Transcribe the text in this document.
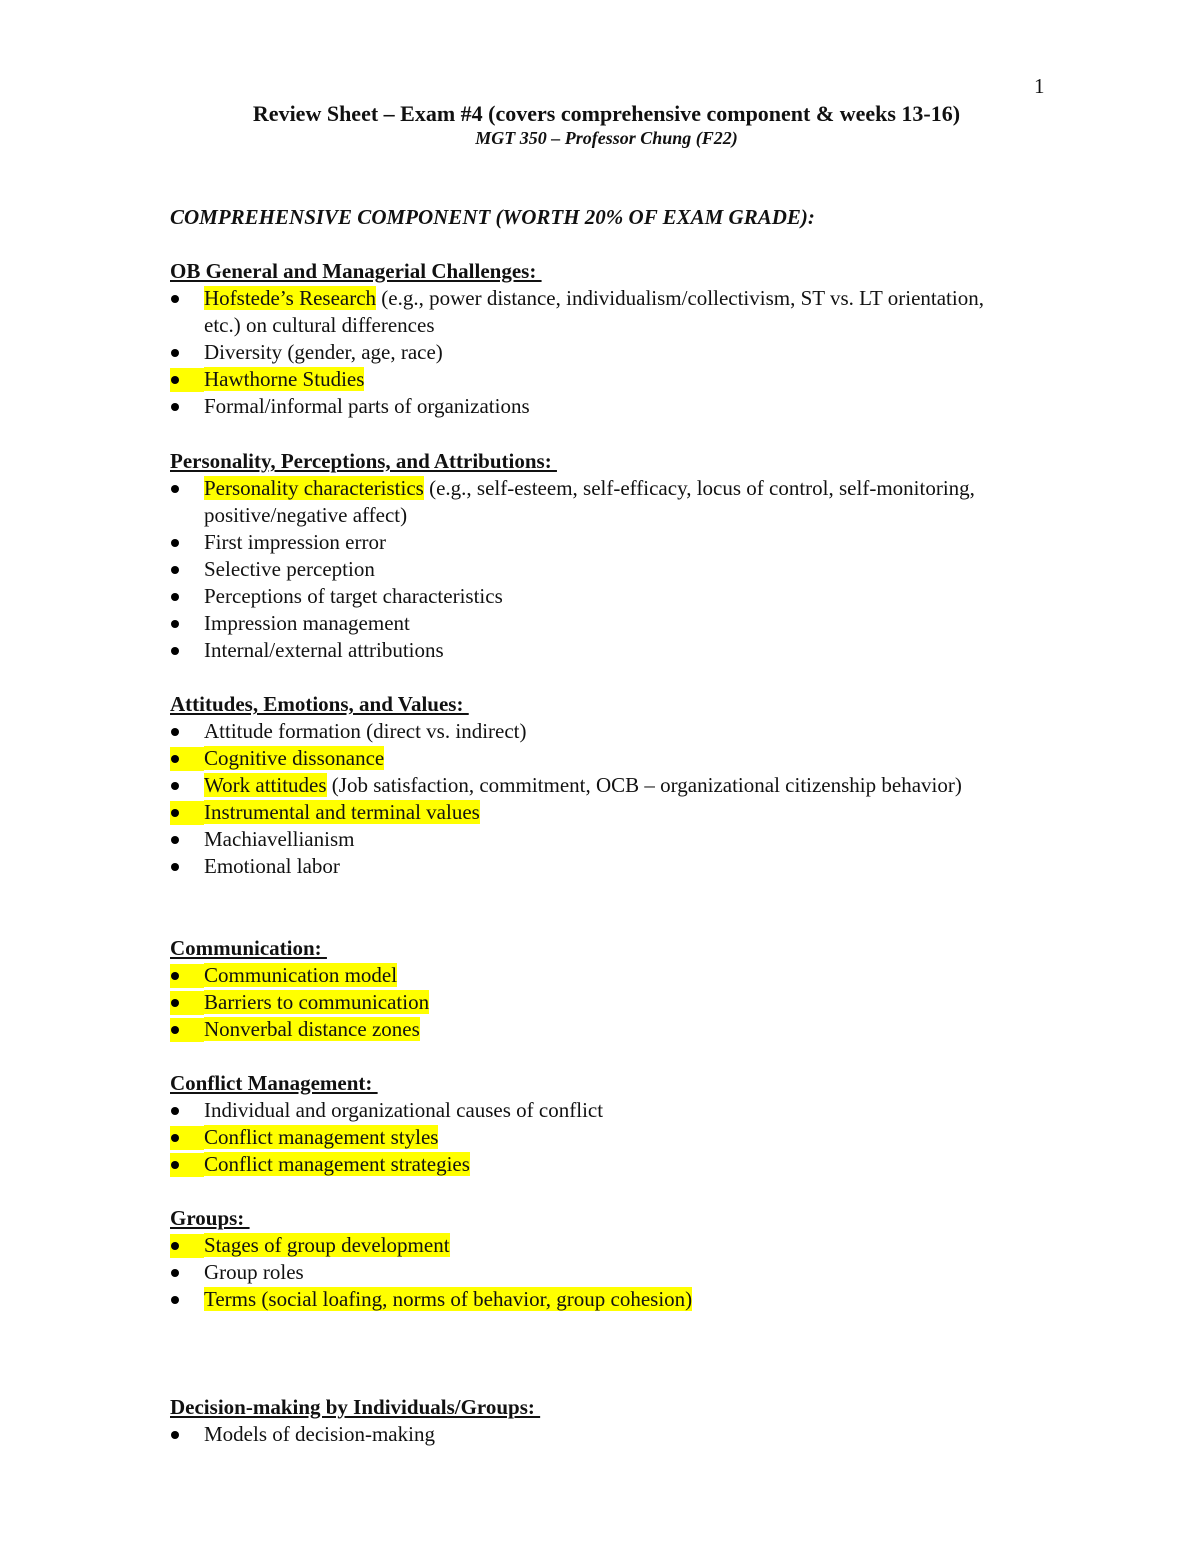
1
Review Sheet – Exam #4 (covers comprehensive component & weeks 13-16)
MGT 350 – Professor Chung (F22)
COMPREHENSIVE COMPONENT (WORTH 20% OF EXAM GRADE):
OB General and Managerial Challenges:
Hofstede’s Research (e.g., power distance, individualism/collectivism, ST vs. LT orientation, etc.) on cultural differences
Diversity (gender, age, race)
Hawthorne Studies
Formal/informal parts of organizations
Personality, Perceptions, and Attributions:
Personality characteristics (e.g., self-esteem, self-efficacy, locus of control, self-monitoring, positive/negative affect)
First impression error
Selective perception
Perceptions of target characteristics
Impression management
Internal/external attributions
Attitudes, Emotions, and Values:
Attitude formation (direct vs. indirect)
Cognitive dissonance
Work attitudes (Job satisfaction, commitment, OCB – organizational citizenship behavior)
Instrumental and terminal values
Machiavellianism
Emotional labor
Communication:
Communication model
Barriers to communication
Nonverbal distance zones
Conflict Management:
Individual and organizational causes of conflict
Conflict management styles
Conflict management strategies
Groups:
Stages of group development
Group roles
Terms (social loafing, norms of behavior, group cohesion)
Decision-making by Individuals/Groups:
Models of decision-making
